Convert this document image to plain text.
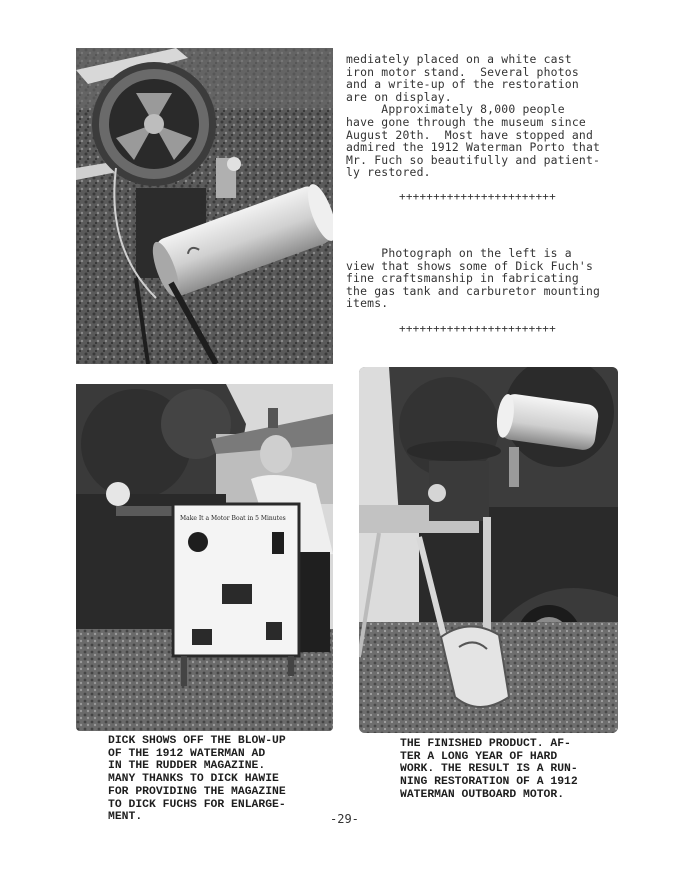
mediately placed on a white cast
iron motor stand.  Several photos
and a write-up of the restoration
are on display.
Approximately 8,000 people
have gone through the museum since
August 20th.  Most have stopped and
admired the 1912 Waterman Porto that
Mr. Fuch so beautifully and patient-
ly restored.
+++++++++++++++++++++++
Photograph on the left is a
view that shows some of Dick Fuch's
fine craftsmanship in fabricating
the gas tank and carburetor mounting
items.
+++++++++++++++++++++++
Make It a Motor Boat in 5 Minutes
DICK SHOWS OFF THE BLOW-UP
OF THE 1912 WATERMAN AD
IN THE RUDDER MAGAZINE.
MANY THANKS TO DICK HAWIE
FOR PROVIDING THE MAGAZINE
TO DICK FUCHS FOR ENLARGE-
MENT.
THE FINISHED PRODUCT. AF-
TER A LONG YEAR OF HARD
WORK. THE RESULT IS A RUN-
NING RESTORATION OF A 1912
WATERMAN OUTBOARD MOTOR.
-29-
